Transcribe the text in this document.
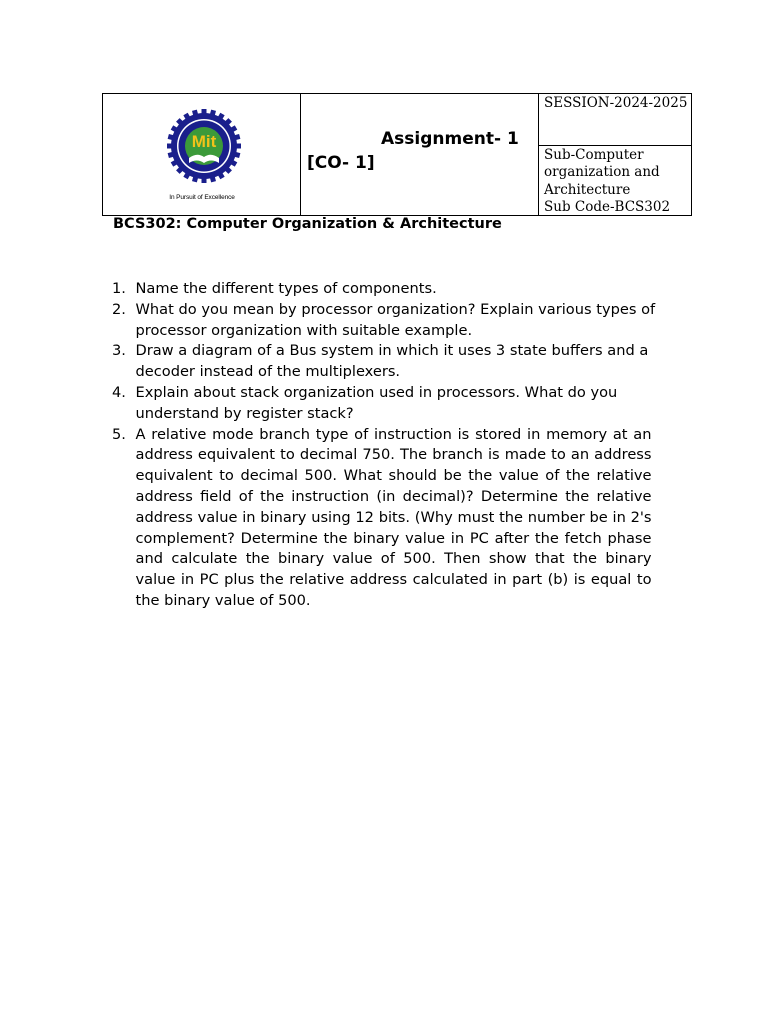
Mit
In Pursuit of Excellence
Assignment- 1
[CO- 1]
SESSION-2024-2025
Sub-Computer
organization and
Architecture
Sub Code-BCS302
BCS302: Computer Organization & Architecture
1. Name the different types of components.
2. What do you mean by processor organization? Explain various types of processor organization with suitable example.
3. Draw a diagram of a Bus system in which it uses 3 state buffers and a decoder instead of the multiplexers.
4. Explain about stack organization used in processors. What do you understand by register stack?
5. A relative mode branch type of instruction is stored in memory at an address equivalent to decimal 750. The branch is made to an address equivalent to decimal 500. What should be the value of the relative address field of the instruction (in decimal)? Determine the relative address value in binary using 12 bits. (Why must the number be in 2's complement? Determine the binary value in PC after the fetch phase and calculate the binary value of 500. Then show that the binary value in PC plus the relative address calculated in part (b) is equal to the binary value of 500.
